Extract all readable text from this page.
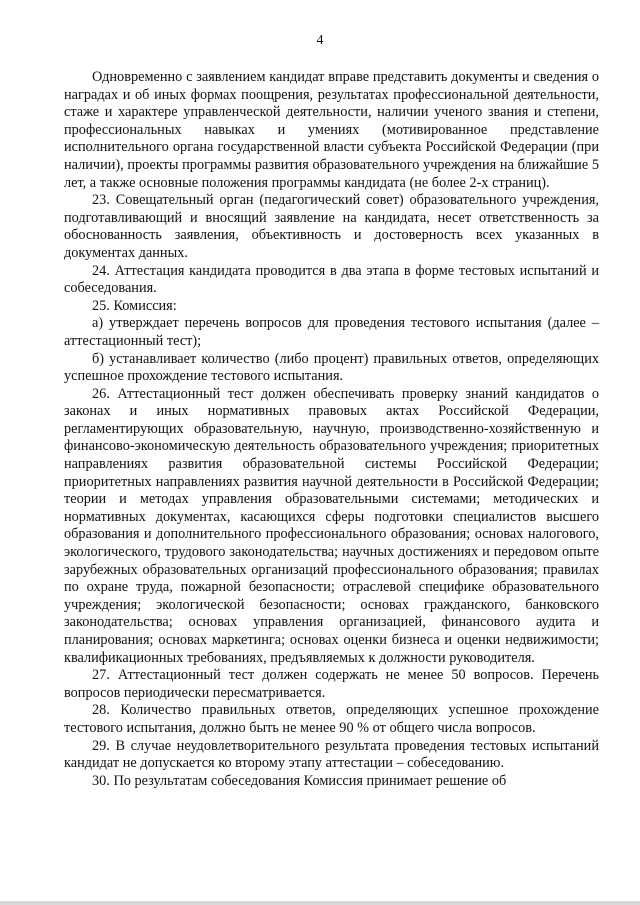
4

Одновременно с заявлением кандидат вправе представить документы и сведения о наградах и об иных формах поощрения, результатах профессиональной деятельности, стаже и характере управленческой деятельности, наличии ученого звания и степени, профессиональных навыках и умениях (мотивированное представление исполнительного органа государственной власти субъекта Российской Федерации (при наличии), проекты программы развития образовательного учреждения на ближайшие 5 лет, а также основные положения программы кандидата (не более 2-х страниц).

23. Совещательный орган (педагогический совет) образовательного учреждения, подготавливающий и вносящий заявление на кандидата, несет ответственность за обоснованность заявления, объективность и достоверность всех указанных в документах данных.

24. Аттестация кандидата проводится в два этапа в форме тестовых испытаний и собеседования.

25. Комиссия:

а) утверждает перечень вопросов для проведения тестового испытания (далее – аттестационный тест);

б) устанавливает количество (либо процент) правильных ответов, определяющих успешное прохождение тестового испытания.

26. Аттестационный тест должен обеспечивать проверку знаний кандидатов о законах и иных нормативных правовых актах Российской Федерации, регламентирующих образовательную, научную, производственно-хозяйственную и финансово-экономическую деятельность образовательного учреждения; приоритетных направлениях развития образовательной системы Российской Федерации; приоритетных направлениях развития научной деятельности в Российской Федерации; теории и методах управления образовательными системами; методических и нормативных документах, касающихся сферы подготовки специалистов высшего образования и дополнительного профессионального образования; основах налогового, экологического, трудового законодательства; научных достижениях и передовом опыте зарубежных образовательных организаций профессионального образования; правилах по охране труда, пожарной безопасности; отраслевой специфике образовательного учреждения; экологической безопасности; основах гражданского, банковского законодательства; основах управления организацией, финансового аудита и планирования; основах маркетинга; основах оценки бизнеса и оценки недвижимости; квалификационных требованиях, предъявляемых к должности руководителя.

27. Аттестационный тест должен содержать не менее 50 вопросов. Перечень вопросов периодически пересматривается.

28. Количество правильных ответов, определяющих успешное прохождение тестового испытания, должно быть не менее 90 % от общего числа вопросов.

29. В случае неудовлетворительного результата проведения тестовых испытаний кандидат не допускается ко второму этапу аттестации – собеседованию.

30. По результатам собеседования Комиссия принимает решение об
